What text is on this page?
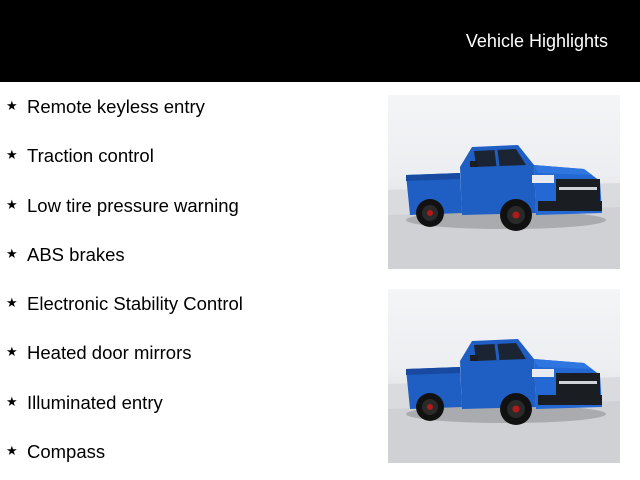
Vehicle Highlights
★ Remote keyless entry
★ Traction control
★ Low tire pressure warning
★ ABS brakes
★ Electronic Stability Control
★ Heated door mirrors
★ Illuminated entry
★ Compass
